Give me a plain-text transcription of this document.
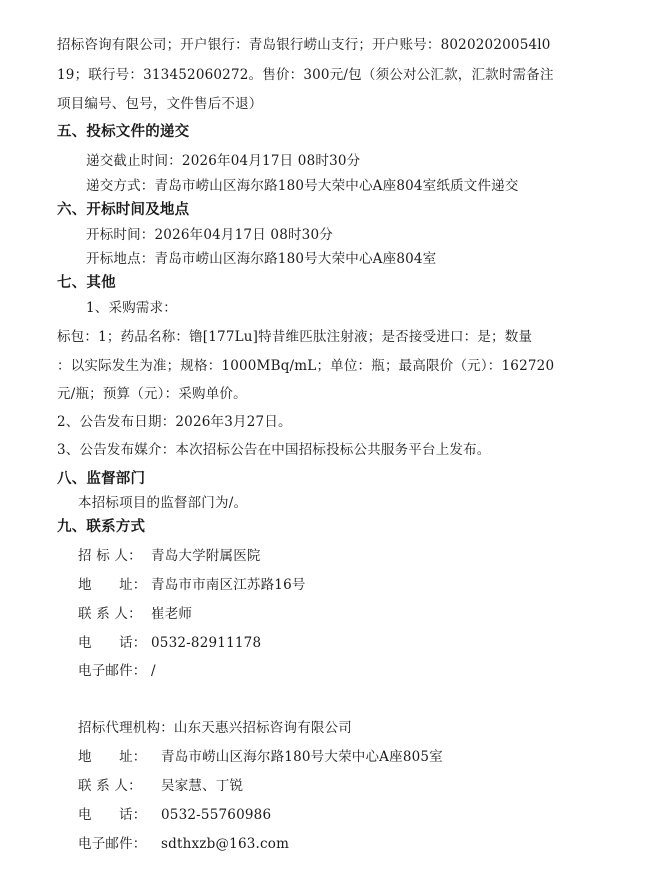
招标咨询有限公司；开户银行：青岛银行崂山支行；开户账号：80202020054l0
19；联行号：313452060272。售价：300元/包（须公对公汇款，汇款时需备注
项目编号、包号，文件售后不退）
五、投标文件的递交
递交截止时间：2026年04月17日 08时30分
递交方式：青岛市崂山区海尔路180号大荣中心A座804室纸质文件递交
六、开标时间及地点
开标时间：2026年04月17日 08时30分
开标地点：青岛市崂山区海尔路180号大荣中心A座804室
七、其他
1、采购需求：
标包：1；药品名称：镥[177Lu]特昔维匹肽注射液；是否接受进口：是；数量
：以实际发生为准；规格：1000MBq/mL；单位：瓶；最高限价（元）：162720
元/瓶；预算（元）：采购单价。
2、公告发布日期：2026年3月27日。
3、公告发布媒介：本次招标公告在中国招标投标公共服务平台上发布。
八、监督部门
本招标项目的监督部门为/。
九、联系方式
招 标 人： 青岛大学附属医院
地　　址： 青岛市市南区江苏路16号
联 系 人： 崔老师
电　　话： 0532-82911178
电子邮件： /
招标代理机构：山东天惠兴招标咨询有限公司
地　　址： 青岛市崂山区海尔路180号大荣中心A座805室
联 系 人： 吴家慧、丁锐
电　　话： 0532-55760986
电子邮件： sdthxzb@163.com
